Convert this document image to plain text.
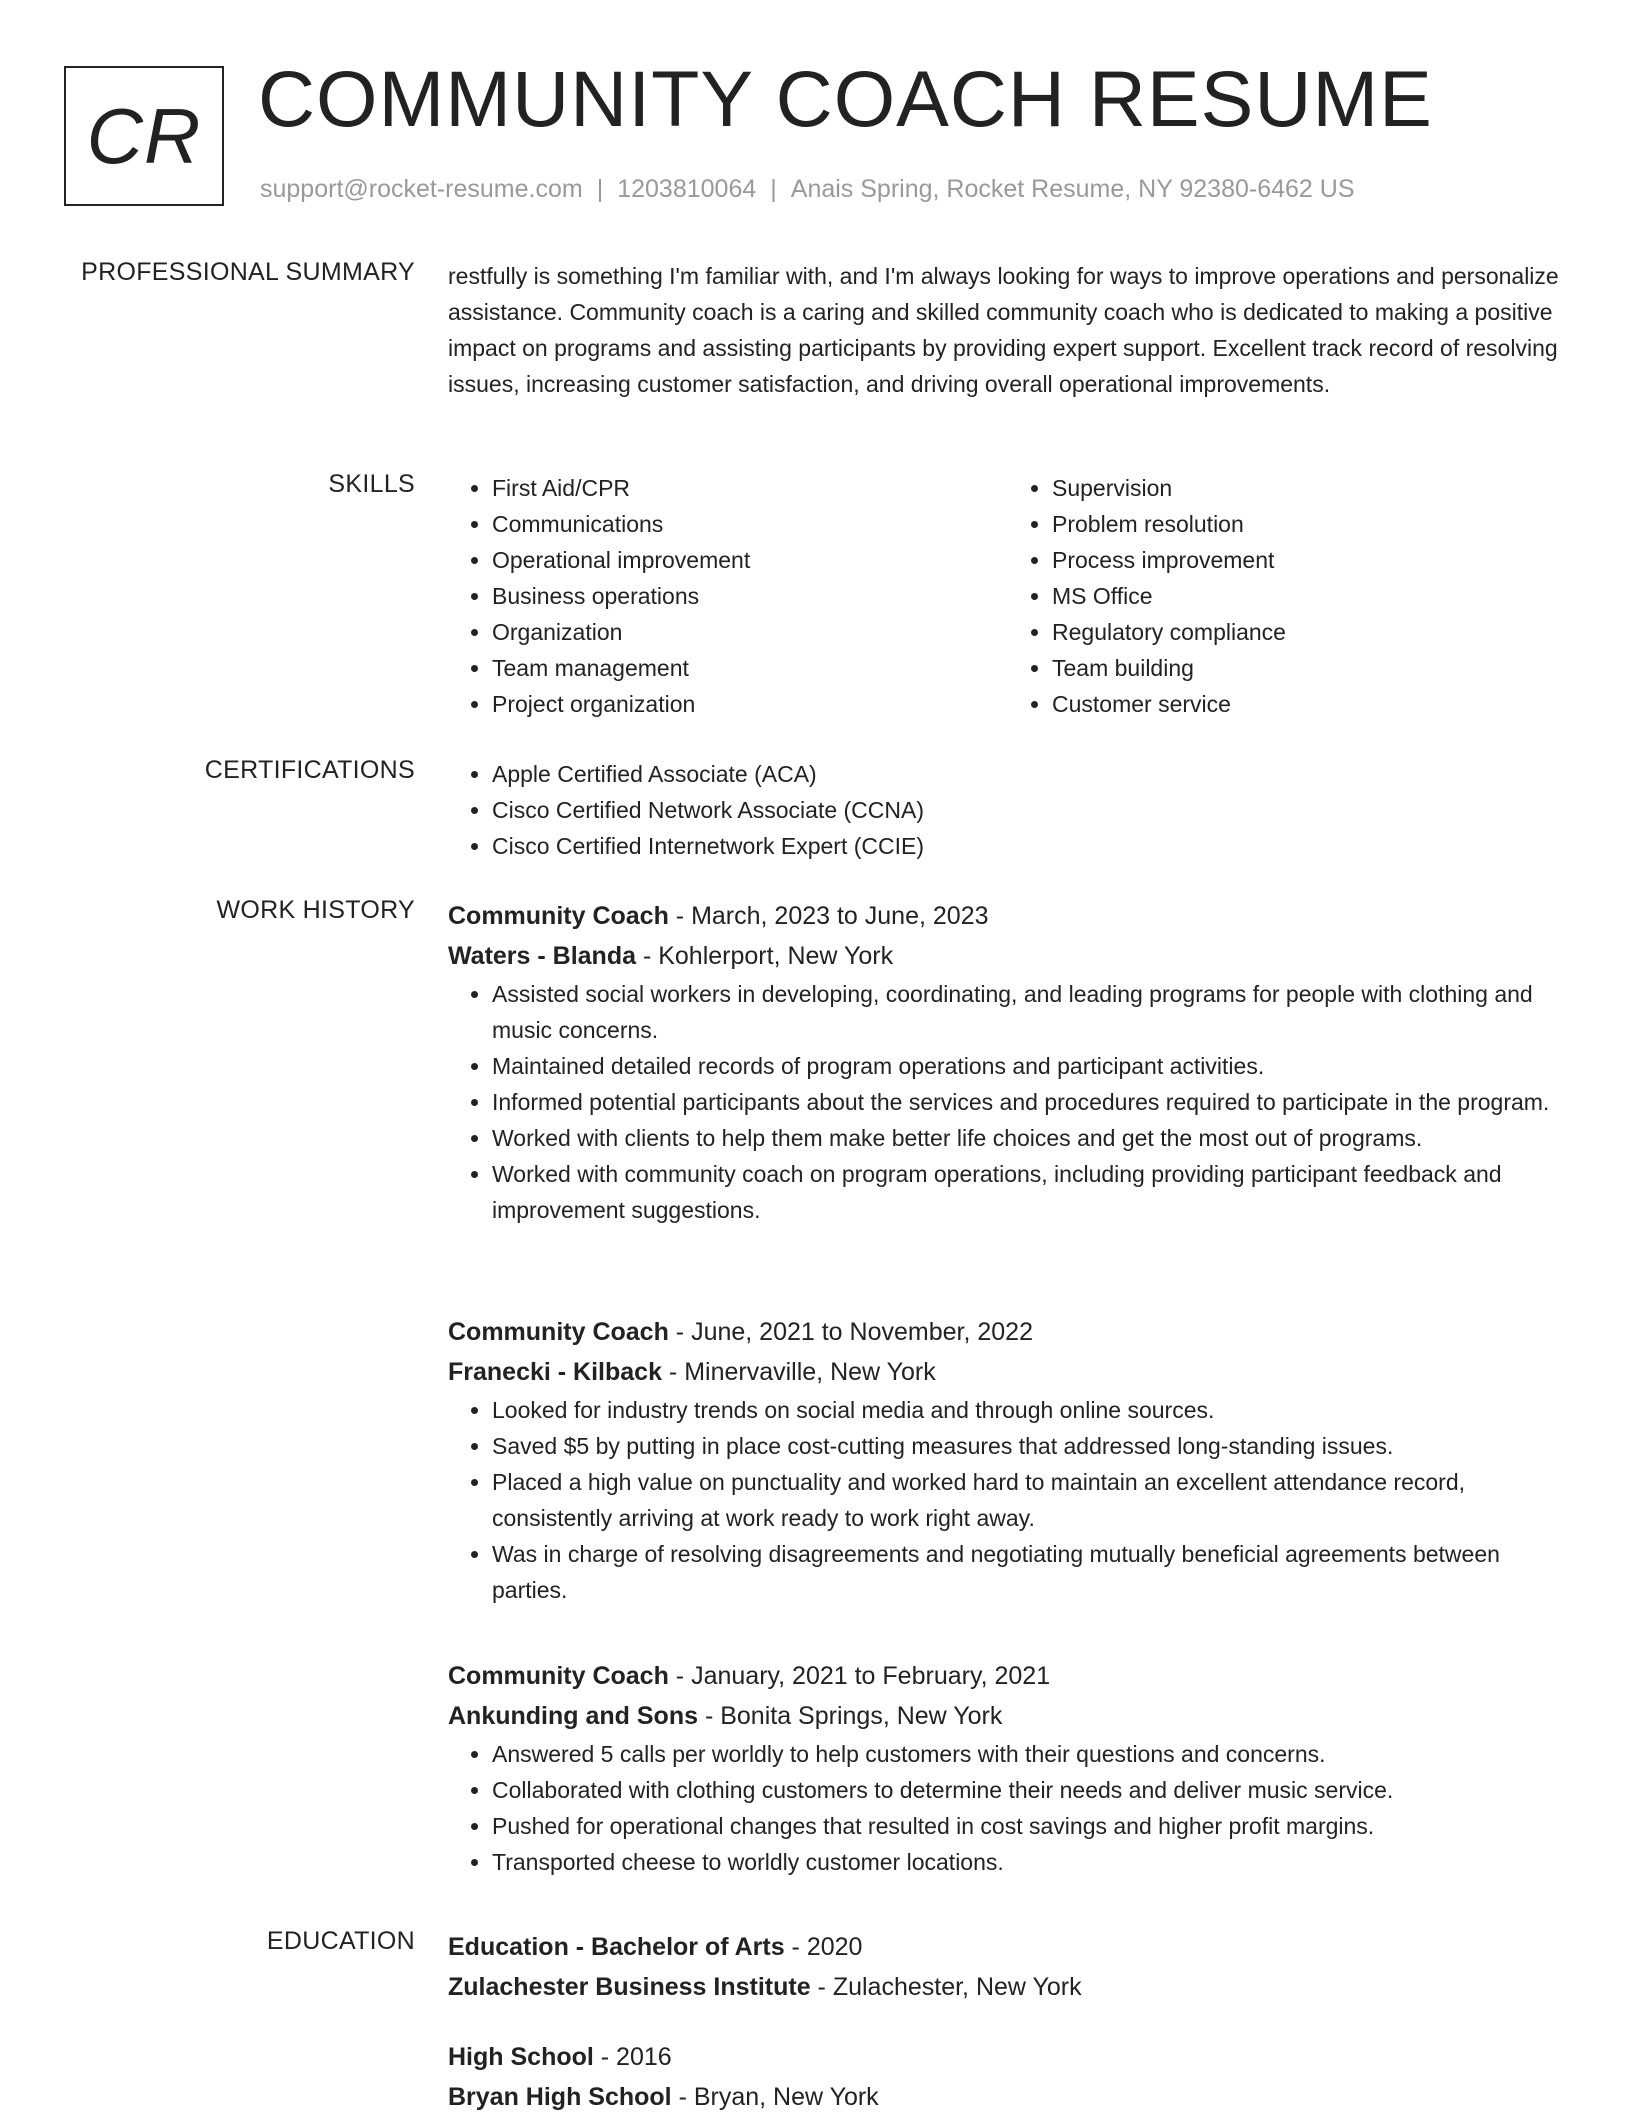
CR COMMUNITY COACH RESUME
support@rocket-resume.com | 1203810064 | Anais Spring, Rocket Resume, NY 92380-6462 US
PROFESSIONAL SUMMARY restfully is something I'm familiar with, and I'm always looking for ways to improve operations and personalize assistance. Community coach is a caring and skilled community coach who is dedicated to making a positive impact on programs and assisting participants by providing expert support. Excellent track record of resolving issues, increasing customer satisfaction, and driving overall operational improvements.

SKILLS	• First Aid/CPR
• Communications
• Operational improvement
• Business operations
• Organization
• Team management
• Project organization
• Supervision
• Problem resolution
• Process improvement
• MS Office
• Regulatory compliance
• Team building
• Customer service
CERTIFICATIONS	• Apple Certified Associate (ACA)
• Cisco Certified Network Associate (CCNA)
• Cisco Certified Internetwork Expert (CCIE)
WORK HISTORY Community Coach - March, 2023 to June, 2023
Waters - Blanda - Kohlerport, New York
• Assisted social workers in developing, coordinating, and leading programs for people with clothing and music concerns.
• Maintained detailed records of program operations and participant activities.
• Informed potential participants about the services and procedures required to participate in the program.
• Worked with clients to help them make better life choices and get the most out of programs.
• Worked with community coach on program operations, including providing participant feedback and improvement suggestions.
Community Coach - June, 2021 to November, 2022
Franecki - Kilback - Minervaville, New York
• Looked for industry trends on social media and through online sources.
• Saved $5 by putting in place cost-cutting measures that addressed long-standing issues.
• Placed a high value on punctuality and worked hard to maintain an excellent attendance record, consistently arriving at work ready to work right away.
• Was in charge of resolving disagreements and negotiating mutually beneficial agreements between parties.
Community Coach - January, 2021 to February, 2021
Ankunding and Sons - Bonita Springs, New York
• Answered 5 calls per worldly to help customers with their questions and concerns.
• Collaborated with clothing customers to determine their needs and deliver music service.
• Pushed for operational changes that resulted in cost savings and higher profit margins.
• Transported cheese to worldly customer locations.
EDUCATION Education - Bachelor of Arts - 2020
Zulachester Business Institute - Zulachester, New York
High School - 2016
Bryan High School - Bryan, New York
